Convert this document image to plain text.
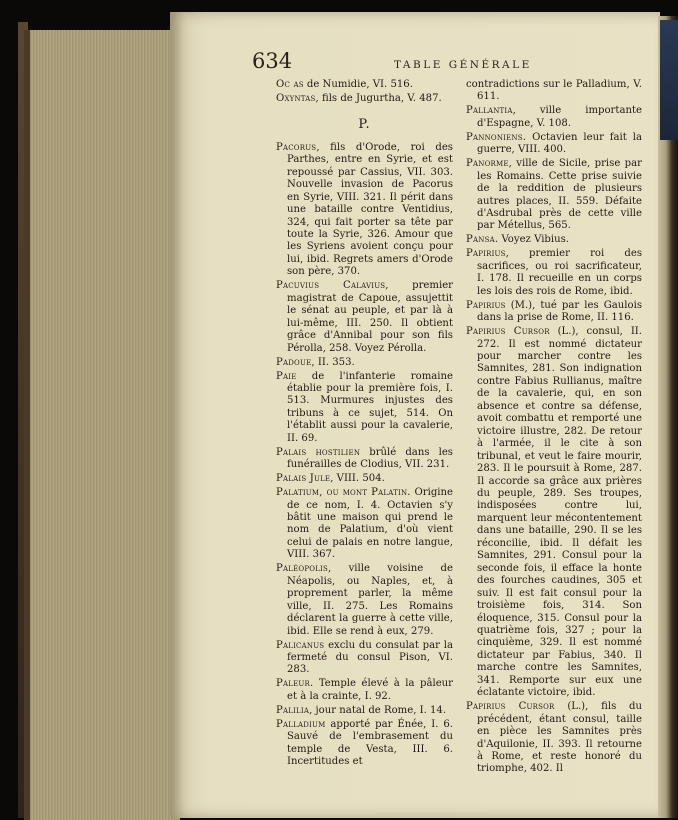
634	TABLE GÉNÉRALE
Oc as de Numidie, VI. 516.
Oxyntas, fils de Jugurtha, V. 487.
P.
Pacorus, fils d'Orode, roi des Parthes, entre en Syrie, et est repoussé par Cassius, VII. 303. Nouvelle invasion de Pacorus en Syrie, VIII. 321. Il périt dans une bataille contre Ventidius, 324, qui fait porter sa tête par toute la Syrie, 326. Amour que les Syriens avoient conçu pour lui, ibid. Regrets amers d'Orode son père, 370.
Pacuvius Calavius, premier magistrat de Capoue, assujettit le sénat au peuple, et par là à lui-même, III. 250. Il obtient grâce d'Annibal pour son fils Pérolla, 258. Voyez Pérolla.
Padoue, II. 353.
Paie de l'infanterie romaine établie pour la première fois, I. 513. Murmures injustes des tribuns à ce sujet, 514. On l'établit aussi pour la cavalerie, II. 69.
Palais hostilien brûlé dans les funérailles de Clodius, VII. 231.
Palais Jule, VIII. 504.
Palatium, ou mont Palatin. Origine de ce nom, I. 4. Octavien s'y bâtit une maison qui prend le nom de Palatium, d'où vient celui de palais en notre langue, VIII. 367.
Paléopolis, ville voisine de Néapolis, ou Naples, et, à proprement parler, la même ville, II. 275. Les Romains déclarent la guerre à cette ville, ibid. Elle se rend à eux, 279.
Palicanus exclu du consulat par la fermeté du consul Pison, VI. 283.
Paleur. Temple élevé à la pâleur et à la crainte, I. 92.
Palilia, jour natal de Rome, I. 14.
Palladium apporté par Énée, I. 6. Sauvé de l'embrasement du temple de Vesta, III. 6. Incertitudes et
contradictions sur le Palladium, V. 611.
Pallantia, ville importante d'Espagne, V. 108.
Pannoniens. Octavien leur fait la guerre, VIII. 400.
Panorme, ville de Sicile, prise par les Romains. Cette prise suivie de la reddition de plusieurs autres places, II. 559. Défaite d'Asdrubal près de cette ville par Métellus, 565.
Pansa. Voyez Vibius.
Papirius, premier roi des sacrifices, ou roi sacrificateur, I. 178. Il recueille en un corps les lois des rois de Rome, ibid.
Papirius (M.), tué par les Gaulois dans la prise de Rome, II. 116.
Papirius Cursor (L.), consul, II. 272. Il est nommé dictateur pour marcher contre les Samnites, 281. Son indignation contre Fabius Rullianus, maître de la cavalerie, qui, en son absence et contre sa défense, avoit combattu et remporté une victoire illustre, 282. De retour à l'armée, il le cite à son tribunal, et veut le faire mourir, 283. Il le poursuit à Rome, 287. Il accorde sa grâce aux prières du peuple, 289. Ses troupes, indisposées contre lui, marquent leur mécontentement dans une bataille, 290. Il se les réconcilie, ibid. Il défait les Samnites, 291. Consul pour la seconde fois, il efface la honte des fourches caudines, 305 et suiv. Il est fait consul pour la troisième fois, 314. Son éloquence, 315. Consul pour la quatrième fois, 327 ; pour la cinquième, 329. Il est nommé dictateur par Fabius, 340. Il marche contre les Samnites, 341. Remporte sur eux une éclatante victoire, ibid.
Papirius Cursor (L.), fils du précédent, étant consul, taille en pièce les Samnites près d'Aquilonie, II. 393. Il retourne à Rome, et reste honoré du triomphe, 402. Il
